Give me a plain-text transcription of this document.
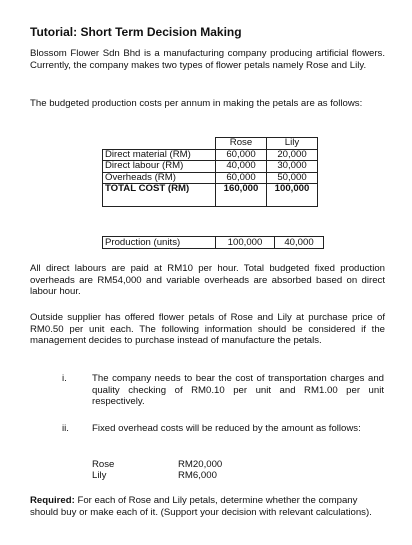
Tutorial: Short Term Decision Making
Blossom Flower Sdn Bhd is a manufacturing company producing artificial flowers. Currently, the company makes two types of flower petals namely Rose and Lily.
The budgeted production costs per annum in making the petals are as follows:
	Rose	Lily
Direct material (RM)	60,000	20,000
Direct labour (RM)	40,000	30,000
Overheads (RM)	60,000	50,000
TOTAL COST (RM)	160,000	100,000
Production (units)	100,000	40,000
All direct labours are paid at RM10 per hour. Total budgeted fixed production overheads are RM54,000 and variable overheads are absorbed based on direct labour hour.
Outside supplier has offered flower petals of Rose and Lily at purchase price of RM0.50 per unit each. The following information should be considered if the management decides to purchase instead of manufacture the petals.
i.	The company needs to bear the cost of transportation charges and quality checking of RM0.10 per unit and RM1.00 per unit respectively.
ii. Fixed overhead costs will be reduced by the amount as follows:
Rose	RM20,000
Lily	RM6,000
Required: For each of Rose and Lily petals, determine whether the company should buy or make each of it. (Support your decision with relevant calculations).
